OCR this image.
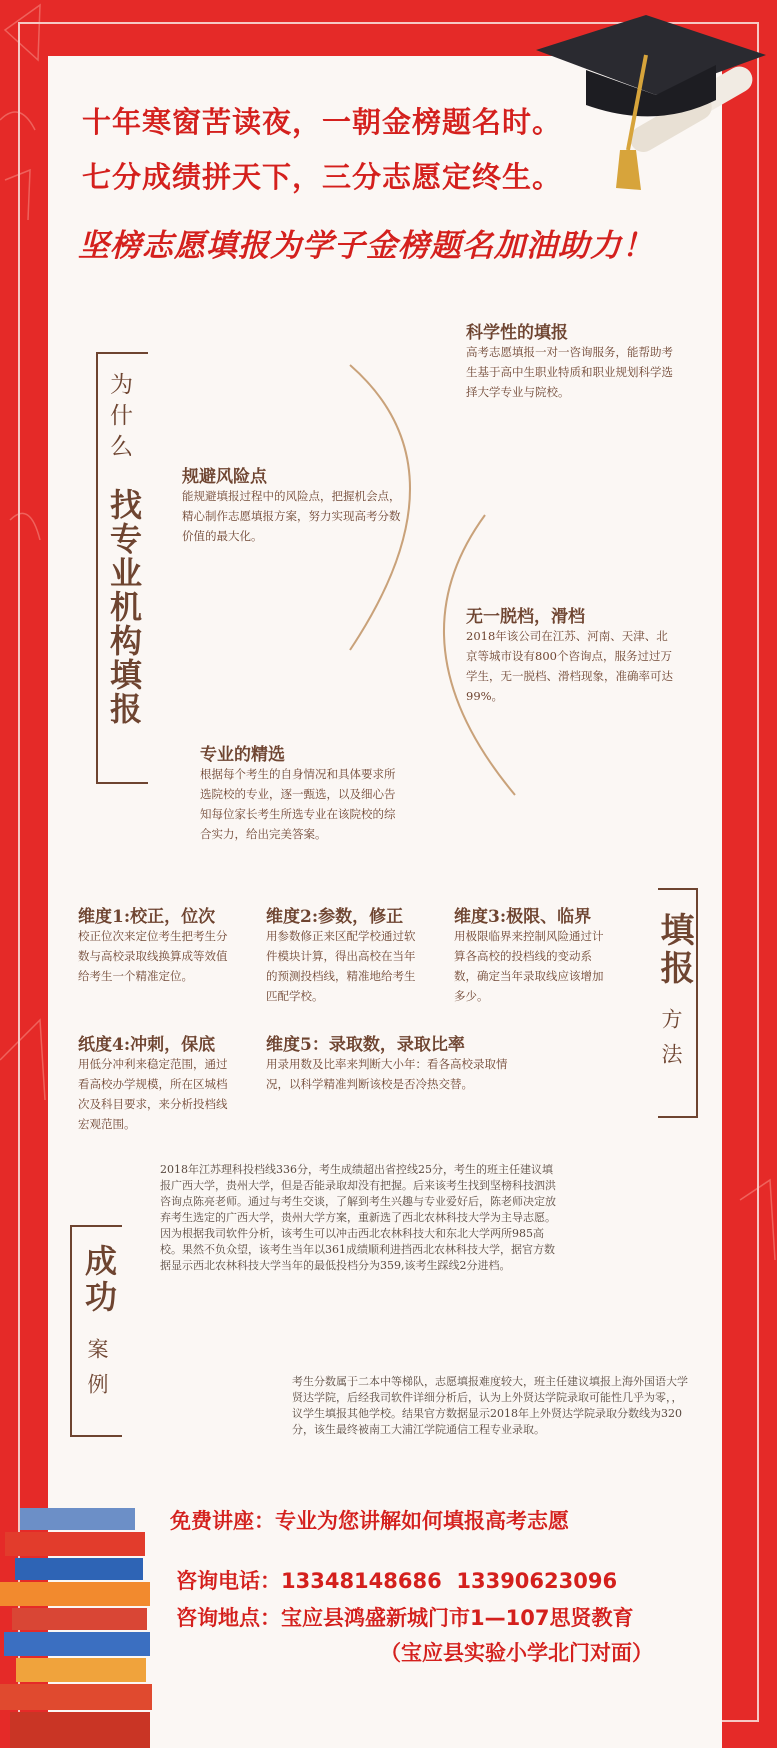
十年寒窗苦读夜，一朝金榜题名时。
七分成绩拼天下，三分志愿定终生。
坚榜志愿填报为学子金榜题名加油助力！
为什么
找专业机构填报
科学性的填报
高考志愿填报一对一咨询服务，能帮助考生基于高中生职业特质和职业规划科学选择大学专业与院校。
规避风险点
能规避填报过程中的风险点，把握机会点，精心制作志愿填报方案，努力实现高考分数价值的最大化。
无一脱档，滑档
2018年该公司在江苏、河南、天津、北京等城市设有800个咨询点，服务过过万学生，无一脱档、滑档现象，准确率可达99%。
专业的精选
根据每个考生的自身情况和具体要求所选院校的专业，逐一甄选，以及细心告知每位家长考生所选专业在该院校的综合实力，给出完美答案。
填报
方法
维度1:校正，位次
校正位次来定位考生把考生分数与高校录取线换算成等效值给考生一个精准定位。
维度2:参数，修正
用参数修正来区配学校通过软件模块计算，得出高校在当年的预测投档线，精准地给考生匹配学校。
维度3:极限、临界
用极限临界来控制风险通过计算各高校的投档线的变动系数，确定当年录取线应该增加多少。
纸度4:冲刺，保底
用低分冲利来稳定范围，通过看高校办学规模，所在区城档次及科目要求，来分析投档线宏观范围。
维度5：录取数，录取比率
用录用数及比率来判断大小年：看各高校录取情况，以科学精准判断该校是否冷热交替。
成功
案例
2018年江苏理科投档线336分，考生成绩超出省控线25分，考生的班主任建议填报广西大学，贵州大学，但是否能录取却没有把握。后来该考生找到坚榜科技泗洪咨询点陈亮老师。通过与考生交谈，了解到考生兴趣与专业爱好后，陈老师决定放弃考生选定的广西大学，贵州大学方案，重新选了西北农林科技大学为主导志愿。因为根据我司软件分析，该考生可以冲击西北农林科技大和东北大学两所985高校。果然不负众望，该考生当年以361成绩顺利进挡西北农林科技大学，据官方数据显示西北农林科技大学当年的最低投档分为359,该考生踩线2分进档。
考生分数属于二本中等梯队，志愿填报难度较大，班主任建议填报上海外国语大学贤达学院，后经我司软件详细分析后，认为上外贤达学院录取可能性几乎为零，，议学生填报其他学校。结果官方数据显示2018年上外贤达学院录取分数线为320分，该生最终被南工大浦江学院通信工程专业录取。
免费讲座：专业为您讲解如何填报高考志愿
咨询电话：13348148686  13390623096
咨询地点：宝应县鸿盛新城门市1—107思贤教育
（宝应县实验小学北门对面）
